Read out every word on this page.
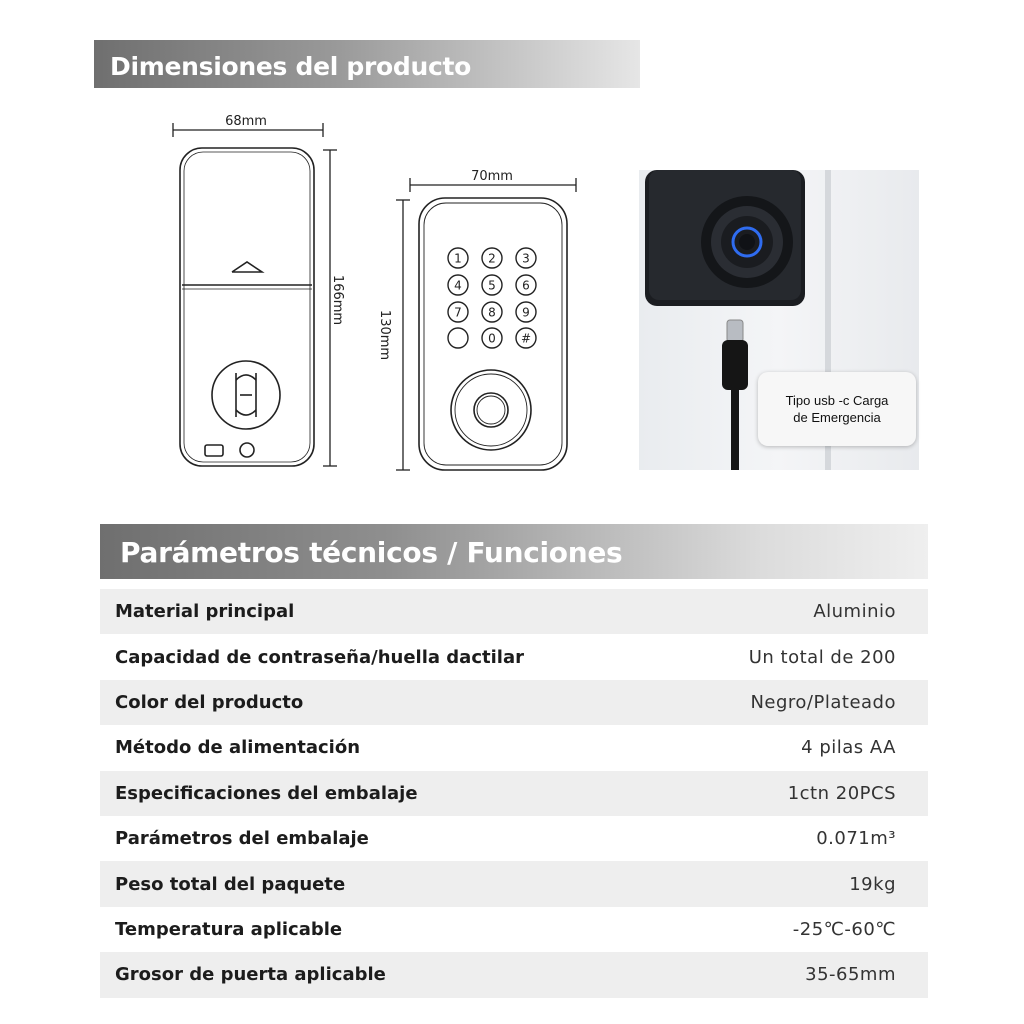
Dimensiones del producto
68mm
166mm
70mm
130mm
1 2 3
4 5 6
7 8 9
0 #
Tipo usb -c Carga
de Emergencia
Parámetros técnicos / Funciones
Material principal	Aluminio
Capacidad de contraseña/huella dactilar	Un total de 200
Color del producto	Negro/Plateado
Método de alimentación	4 pilas AA
Especificaciones del embalaje	1ctn 20PCS
Parámetros del embalaje	0.071m³
Peso total del paquete	19kg
Temperatura aplicable	-25℃-60℃
Grosor de puerta aplicable	35-65mm
